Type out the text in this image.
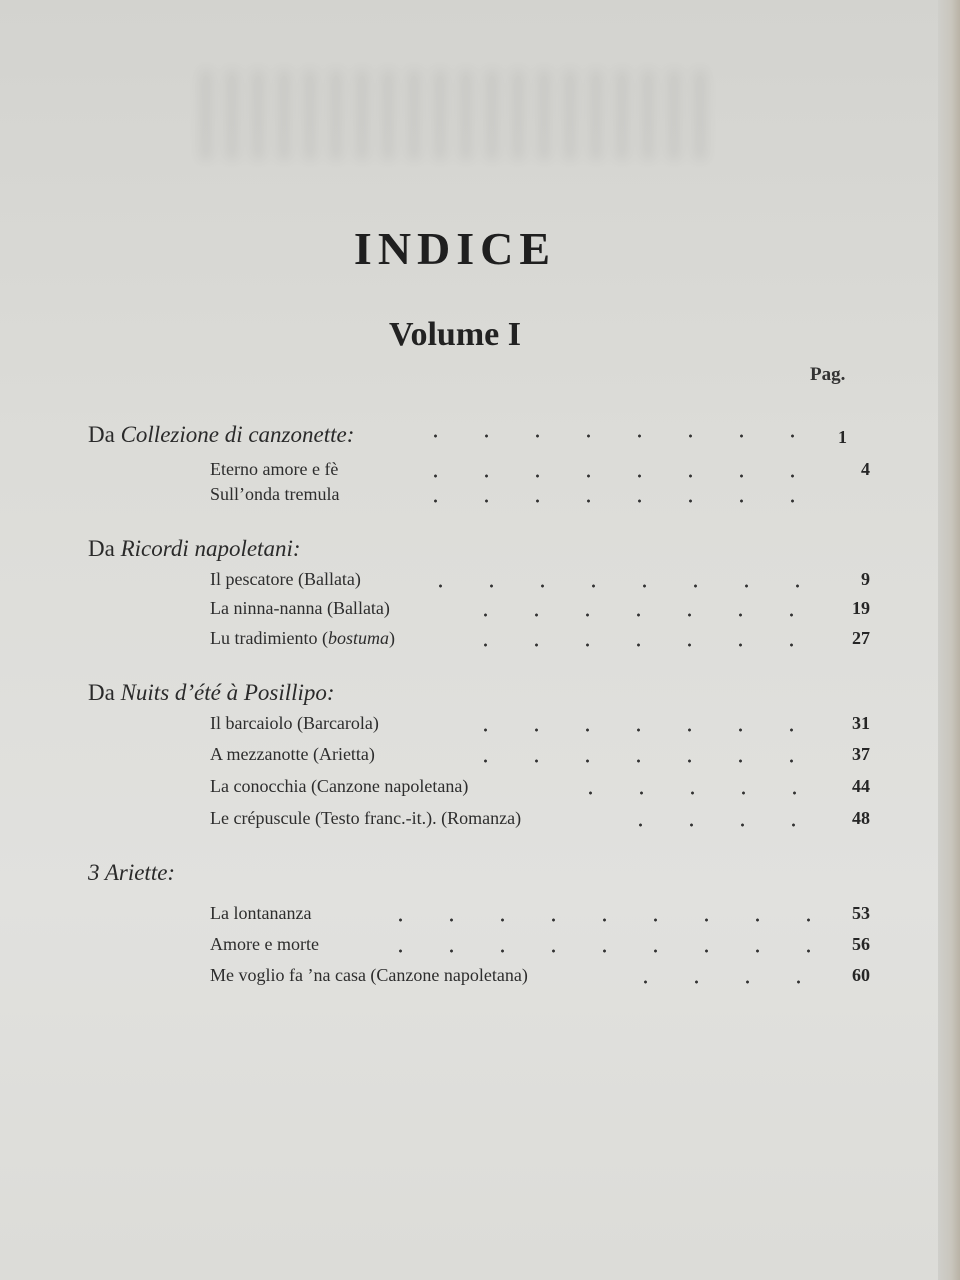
INDICE
Volume I
Pag.
Da Collezione di canzonette:	1
Eterno amore e fè	4
Sull’onda tremula
Da Ricordi napoletani:
Il pescatore (Ballata)	9
La ninna-nanna (Ballata)	19
Lu tradimiento (bostuma)	27
Da Nuits d’été à Posillipo:
Il barcaiolo (Barcarola)	31
A mezzanotte (Arietta)	37
La conocchia (Canzone napoletana)	44
Le crépuscule (Testo franc.-it.). (Romanza)	48
3 Ariette:
La lontananza	53
Amore e morte	56
Me voglio fa ’na casa (Canzone napoletana)	60
